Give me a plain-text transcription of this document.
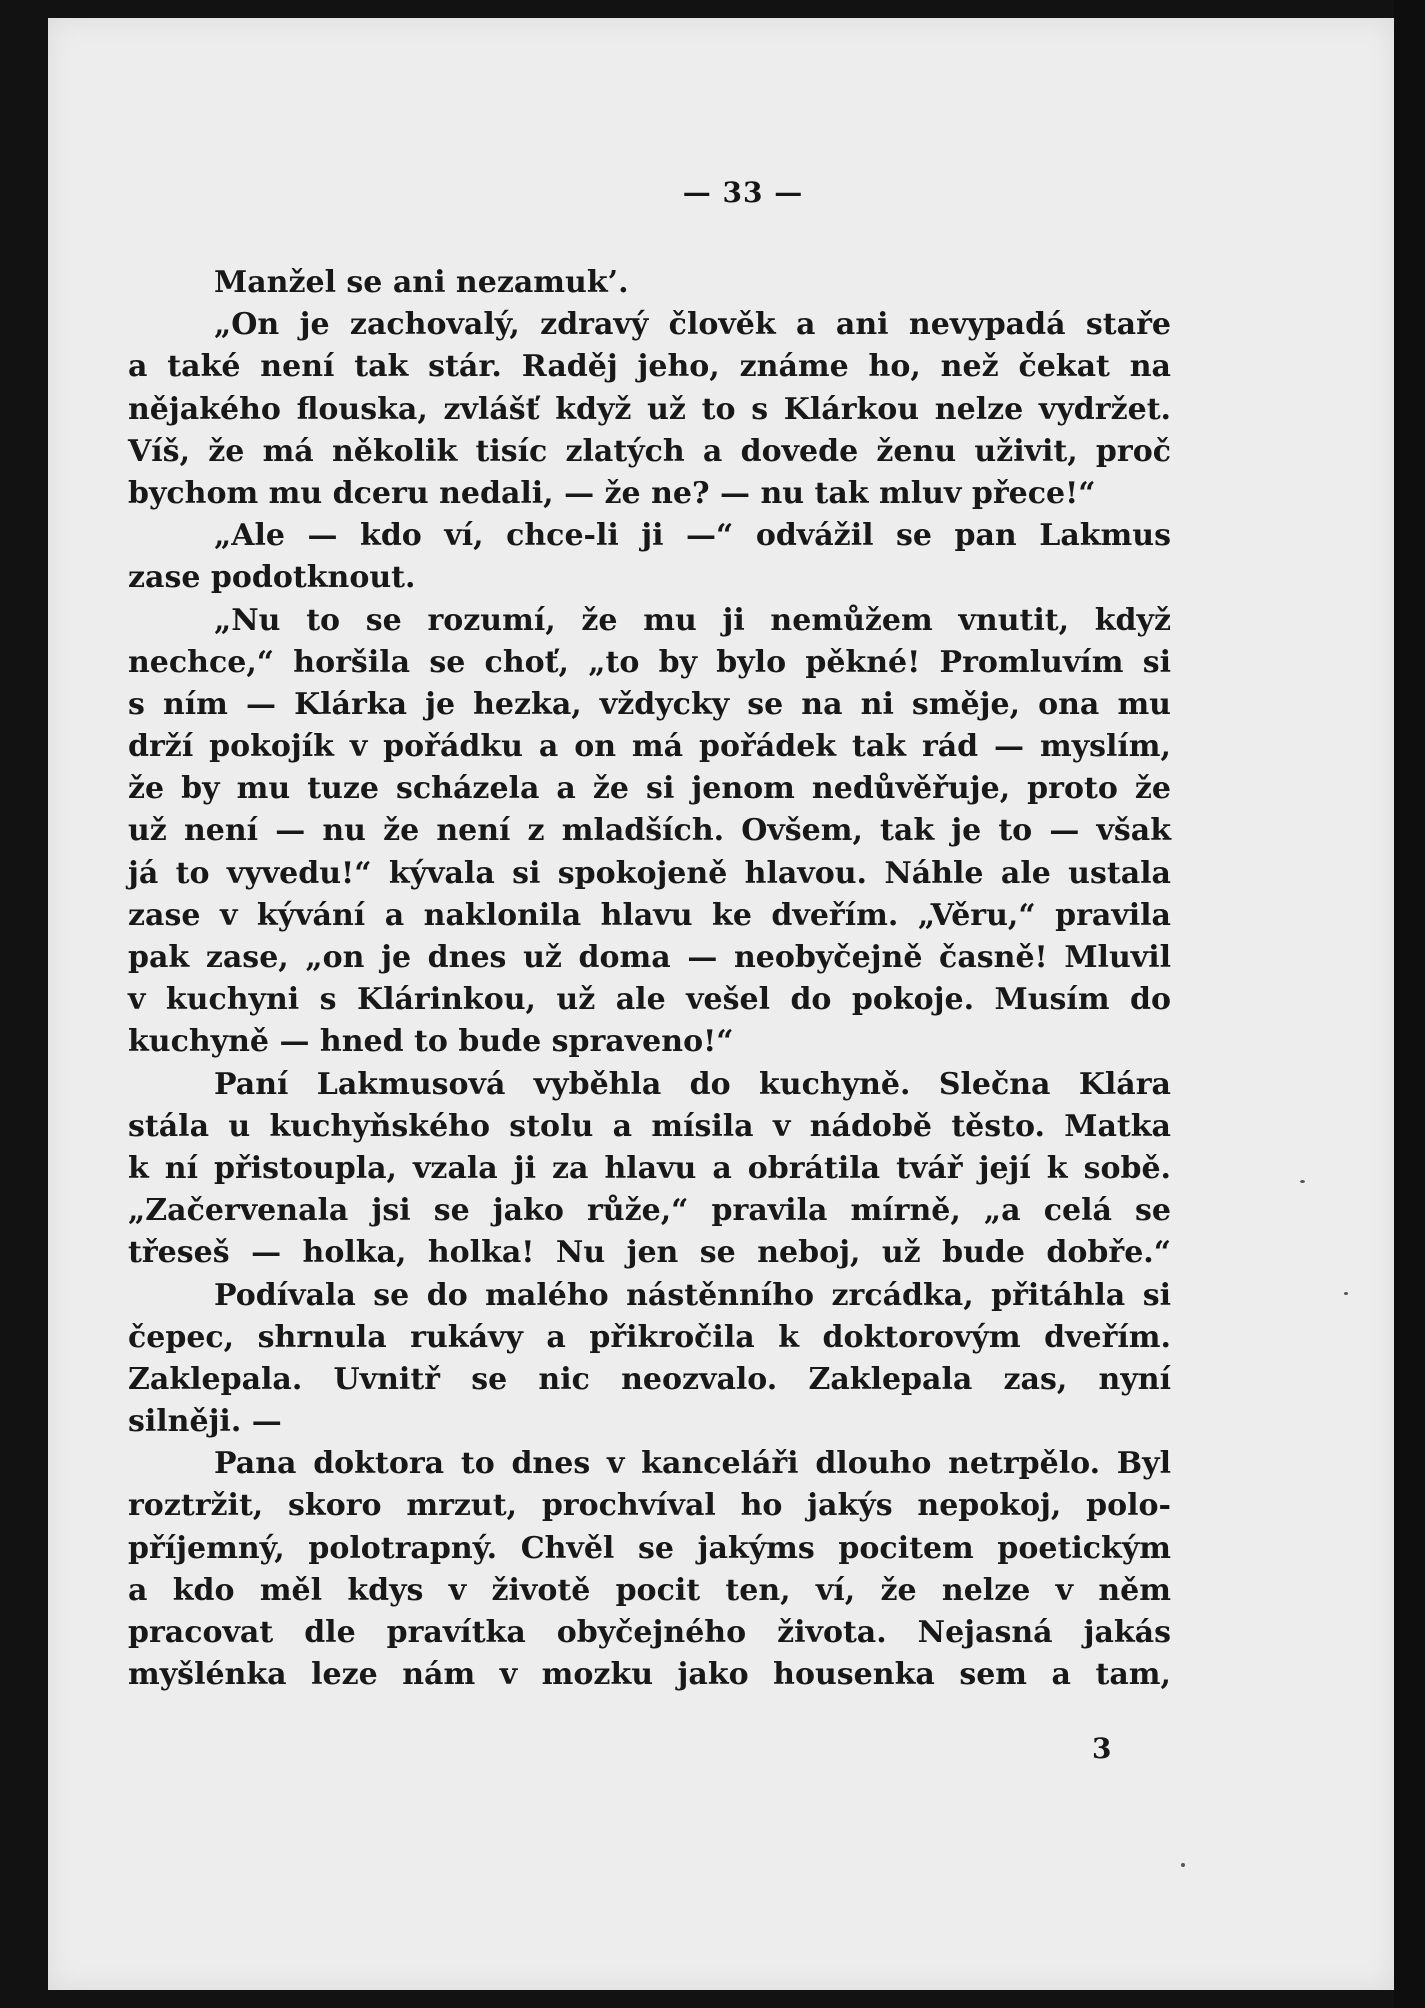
— 33 —
Manžel se ani nezamuk’.
„On je zachovalý, zdravý člověk a ani nevypadá staře
a také není tak stár. Raděj jeho, známe ho, než čekat na
nějakého flouska, zvlášť když už to s Klárkou nelze vydržet.
Víš, že má několik tisíc zlatých a dovede ženu uživit, proč
bychom mu dceru nedali, — že ne? — nu tak mluv přece!“
„Ale — kdo ví, chce-li ji —“ odvážil se pan Lakmus
zase podotknout.
„Nu to se rozumí, že mu ji nemůžem vnutit, když
nechce,“ horšila se choť, „to by bylo pěkné! Promluvím si
s ním — Klárka je hezka, vždycky se na ni směje, ona mu
drží pokojík v pořádku a on má pořádek tak rád — myslím,
že by mu tuze scházela a že si jenom nedůvěřuje, proto že
už není — nu že není z mladších. Ovšem, tak je to — však
já to vyvedu!“ kývala si spokojeně hlavou. Náhle ale ustala
zase v kývání a naklonila hlavu ke dveřím. „Věru,“ pravila
pak zase, „on je dnes už doma — neobyčejně časně! Mluvil
v kuchyni s Klárinkou, už ale vešel do pokoje. Musím do
kuchyně — hned to bude spraveno!“
Paní Lakmusová vyběhla do kuchyně. Slečna Klára
stála u kuchyňského stolu a mísila v nádobě těsto. Matka
k ní přistoupla, vzala ji za hlavu a obrátila tvář její k sobě.
„Začervenala jsi se jako růže,“ pravila mírně, „a celá se
třeseš — holka, holka! Nu jen se neboj, už bude dobře.“
Podívala se do malého nástěnního zrcádka, přitáhla si
čepec, shrnula rukávy a přikročila k doktorovým dveřím.
Zaklepala. Uvnitř se nic neozvalo. Zaklepala zas, nyní
silněji. —
Pana doktora to dnes v kanceláři dlouho netrpělo. Byl
roztržit, skoro mrzut, prochvíval ho jakýs nepokoj, polo-
příjemný, polotrapný. Chvěl se jakýms pocitem poetickým
a kdo měl kdys v životě pocit ten, ví, že nelze v něm
pracovat dle pravítka obyčejného života. Nejasná jakás
myšlénka leze nám v mozku jako housenka sem a tam,
3
